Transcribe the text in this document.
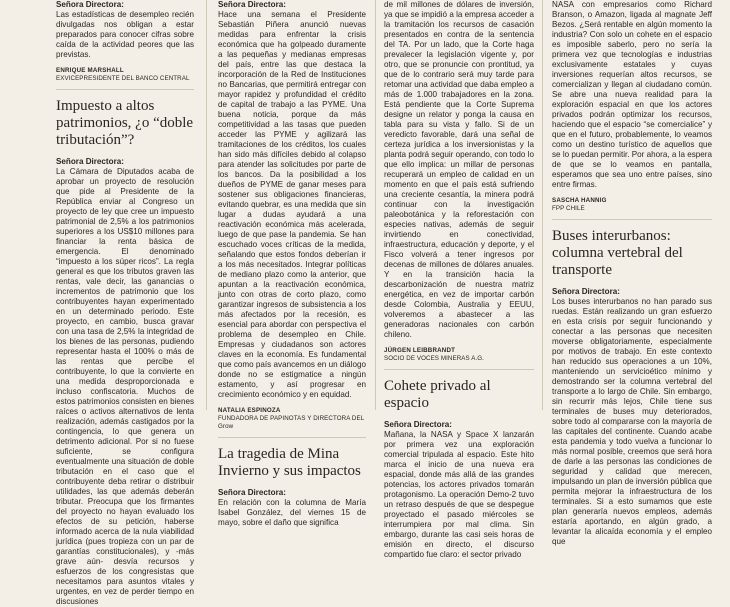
Señora Directora:

Las estadísticas de desempleo recién divulgadas nos obligan a estar preparados para conocer cifras sobre caída de la actividad peores que las previstas.

ENRIQUE MARSHALL
EXVICEPRESIDENTE DEL BANCO CENTRAL
Impuesto a altos patrimonios, ¿o “doble tributación”?

Señora Directora:

La Cámara de Diputados acaba de aprobar un proyecto de resolución que pide al Presidente de la República enviar al Congreso un proyecto de ley que cree un impuesto patrimonial de 2,5% a los patrimonios superiores a los US$10 millones para financiar la renta básica de emergencia. El denominado “impuesto a los súper ricos”. La regla general es que los tributos graven las rentas, vale decir, las ganancias o incrementos de patrimonio que los contribuyentes hayan experimentado en un determinado periodo. Este proyecto, en cambio, busca gravar con una tasa de 2,5% la integridad de los bienes de las personas, pudiendo representar hasta el 100% o más de las rentas que percibe el contribuyente, lo que la convierte en una medida desproporcionada e incluso confiscatoria. Muchos de estos patrimonios consisten en bienes raíces o activos alternativos de lenta realización, además castigados por la contingencia, lo que genera un detrimento adicional. Por si no fuese suficiente, se configura eventualmente una situación de doble tributación en el caso que el contribuyente deba retirar o distribuir utilidades, las que además deberán tributar. Preocupa que los firmantes del proyecto no hayan evaluado los efectos de su petición, haberse informado acerca de la nula viabilidad jurídica (pues tropieza con un par de garantías constitucionales), y -más grave aún- desvía recursos y esfuerzos de los congresistas que necesitamos para asuntos vitales y urgentes, en vez de perder tiempo en discusiones

Señora Directora:

Hace una semana el Presidente Sebastián Piñera anunció nuevas medidas para enfrentar la crisis económica que ha golpeado duramente a las pequeñas y medianas empresas del país, entre las que destaca la incorporación de la Red de Instituciones no Bancarias, que permitirá entregar con mayor rapidez y profundidad el crédito de capital de trabajo a las PYME. Una buena noticia, porque da más competitividad a las tasas que pueden acceder las PYME y agilizará las tramitaciones de los créditos, los cuales han sido más difíciles debido al colapso para atender las solicitudes por parte de los bancos. Da la posibilidad a los dueños de PYME de ganar meses para sostener sus obligaciones financieras, evitando quebrar, es una medida que sin lugar a dudas ayudará a una reactivación económica más acelerada, luego de que pase la pandemia. Se han escuchado voces críticas de la medida, señalando que estos fondos deberían ir a los más necesitados. Integrar políticas de mediano plazo como la anterior, que apuntan a la reactivación económica, junto con otras de corto plazo, como garantizar ingresos de subsistencia a los más afectados por la recesión, es esencial para abordar con perspectiva el problema de desempleo en Chile. Empresas y ciudadanos son actores claves en la economía. Es fundamental que como país avancemos en un diálogo donde no se estigmatice a ningún estamento, y así progresar en crecimiento económico y en equidad.

NATALIA ESPINOZA
FUNDADORA DE PAPINOTAS Y DIRECTORA DEL Grow
La tragedia de Mina Invierno y sus impactos

Señora Directora:

En relación con la columna de María Isabel González, del viernes 15 de mayo, sobre el daño que significa

de mil millones de dólares de inversión, ya que se impidió a la empresa acceder a la tramitación los recursos de casación presentados en contra de la sentencia del TA. Por un lado, que la Corte haga prevalecer la legislación vigente y, por otro, que se pronuncie con prontitud, ya que de lo contrario será muy tarde para retomar una actividad que daba empleo a más de 1.000 trabajadores en la zona. Está pendiente que la Corte Suprema designe un relator y ponga la causa en tabla para su vista y fallo. Si de un veredicto favorable, dará una señal de certeza jurídica a los inversionistas y la planta podrá seguir operando, con todo lo que ello implica: un millar de personas recuperará un empleo de calidad en un momento en que el país está sufriendo una creciente cesantía, la minera podrá continuar con la investigación paleobotánica y la reforestación con especies nativas, además de seguir invirtiendo en conectividad, infraestructura, educación y deporte, y el Fisco volverá a tener ingresos por decenas de millones de dólares anuales. Y en la transición hacia la descarbonización de nuestra matriz energética, en vez de importar carbón desde Colombia, Australia y EEUU, volveremos a abastecer a las generadoras nacionales con carbón chileno.

JÜRGEN LEIBBRANDT
SOCIO DE VOCES MINERAS A.G.
Cohete privado al espacio

Señora Directora:

Mañana, la NASA y Space X lanzarán por primera vez una exploración comercial tripulada al espacio. Este hito marca el inicio de una nueva era espacial, donde más allá de las grandes potencias, los actores privados tomarán protagonismo. La operación Demo-2 tuvo un retraso después de que se despegue proyectado el pasado miércoles se interrumpiera por mal clima. Sin embargo, durante las casi seis horas de emisión en directo, el discurso compartido fue claro: el sector privado

NASA con empresarios como Richard Branson, o Amazon, ligada al magnate Jeff Bezos. ¿Será rentable en algún momento la industria? Con solo un cohete en el espacio es imposible saberlo, pero no sería la primera vez que tecnologías e industrias exclusivamente estatales y cuyas inversiones requerían altos recursos, se comercializan y llegan al ciudadano común. Se abre una nueva realidad para la exploración espacial en que los actores privados podrán optimizar los recursos, haciendo que el espacio “se comercialice” y que en el futuro, probablemente, lo veamos como un destino turístico de aquellos que se lo puedan permitir. Por ahora, a la espera de que se lo veamos en pantalla, esperamos que sea uno entre países, sino entre firmas.

SASCHA HANNIG
FPP CHILE
Buses interurbanos: columna vertebral del transporte

Señora Directora:

Los buses interurbanos no han parado sus ruedas. Están realizando un gran esfuerzo en esta crisis por seguir funcionando y conectar a las personas que necesiten moverse obligatoriamente, especialmente por motivos de trabajo. En este contexto han reducido sus operaciones a un 10%, manteniendo un servicioético mínimo y demostrando ser la columna vertebral del transporte a lo largo de Chile. Sin embargo, sin recurrir más lejos, Chile tiene sus terminales de buses muy deteriorados, sobre todo al compararse con la mayoría de las capitales del continente. Cuando acabe esta pandemia y todo vuelva a funcionar lo más normal posible, creemos que será hora de darle a las personas las condiciones de seguridad y calidad que merecen, impulsando un plan de inversión pública que permita mejorar la infraestructura de los terminales. Si a esto sumamos que este plan generaría nuevos empleos, además estaría aportando, en algún grado, a levantar la alicaída economía y el empleo que
